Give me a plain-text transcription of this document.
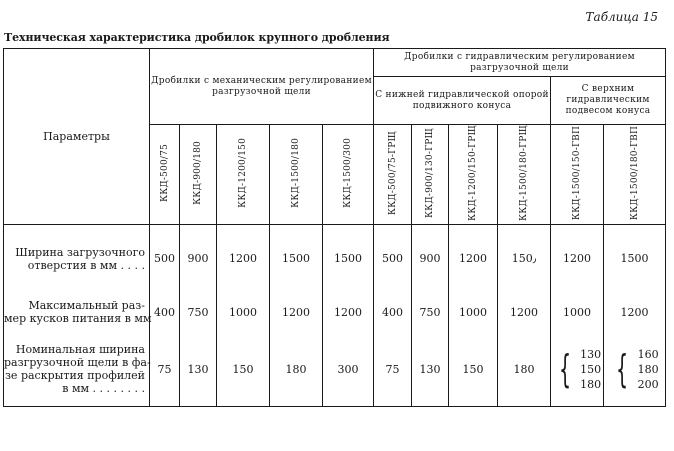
Таблица 15
Техническая характеристика дробилок крупного дробления
Параметры	Дробилки с механическим регулированием разгрузочной щели					Дробилки с гидравлическим регулированием разгрузочной щели					
						С нижней гидравлической опорой подвижного конуса				С верхним гидравлическим подвесом конуса	
	ККД-500/75	ККД-900/180	ККД-1200/150	ККД-1500/180	ККД-1500/300	ККД-500/75-ГРЩ	ККД-900/130-ГРЩ	ККД-1200/150-ГРЩ	ККД-1500/180-ГРЩ	ККД-1500/150-ГВП	ККД-1500/180-ГВП

Ширина загрузочного
отверстия в мм . . . .	500	900	1200	1500	1500	500	900	1200	150٫	1200	1500

Максимальный раз-
мер кусков питания в мм	400	750	1000	1200	1200	400	750	1000	1200	1000	1200

Номинальная ширина
разгрузочной щели в фа-
зе раскрытия профилей
в мм . . . . . . . .	75	130	150	180	300	75	130	150	180	{ 130
150
180	{ 160
180
200
